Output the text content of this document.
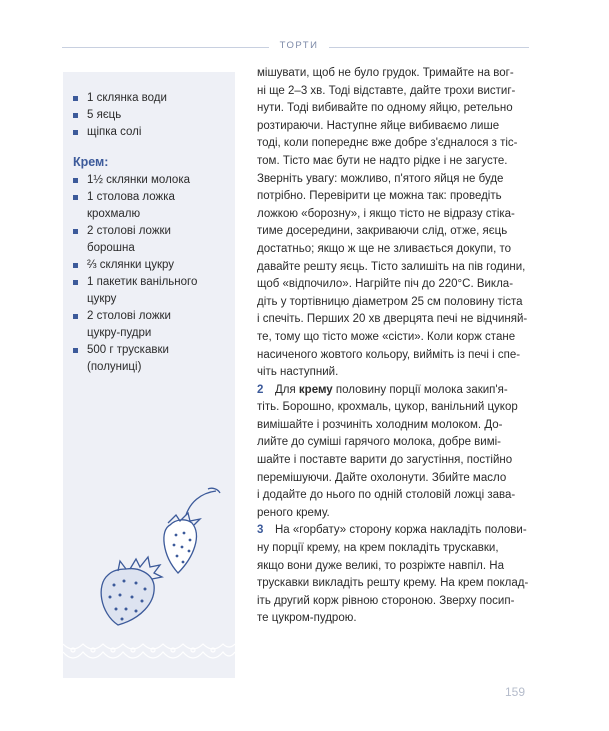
ТОРТИ
1 склянка води
5 яєць
щіпка солі
Крем:
1½ склянки молока
1 столова ложка
крохмалю
2 столові ложки
борошна
⅔ склянки цукру
1 пакетик ванільного
цукру
2 столові ложки
цукру-пудри
500 г трускавки
(полуниці)

мішувати, щоб не було грудок. Тримайте на вог-
ні ще 2–3 хв. Тоді відставте, дайте трохи вистиг-
нути. Тоді вибивайте по одному яйцю, ретельно
розтираючи. Наступне яйце вибиваємо лише
тоді, коли попереднє вже добре з'єдналося з тіс-
том. Тісто має бути не надто рідке і не загусте.
Зверніть увагу: можливо, п'ятого яйця не буде
потрібно. Перевірити це можна так: проведіть
ложкою «борозну», і якщо тісто не відразу стіка-
тиме досередини, закриваючи слід, отже, яєць
достатньо; якщо ж ще не зливається докупи, то
давайте решту яєць. Тісто залишіть на пів години,
щоб «відпочило». Нагрійте піч до 220°С. Викла-
діть у тортівницю діаметром 25 см половину тіста
і спечіть. Перших 20 хв дверцята печі не відчиняй-
те, тому що тісто може «сісти». Коли корж стане
насиченого жовтого кольору, вийміть із печі і спе-
чіть наступний.

2 Для крему половину порції молока закип'я-
тіть. Борошно, крохмаль, цукор, ванільний цукор
вимішайте і розчиніть холодним молоком. До-
лийте до суміші гарячого молока, добре вимі-
шайте і поставте варити до загустіння, постійно
перемішуючи. Дайте охолонути. Збийте масло
і додайте до нього по одній столовій ложці зава-
реного крему.

3 На «горбату» сторону коржа накладіть полови-
ну порції крему, на крем покладіть трускавки,
якщо вони дуже великі, то розріжте навпіл. На
трускавки викладіть решту крему. На крем поклад-
іть другий корж рівною стороною. Зверху посип-
те цукром-пудрою.

159
